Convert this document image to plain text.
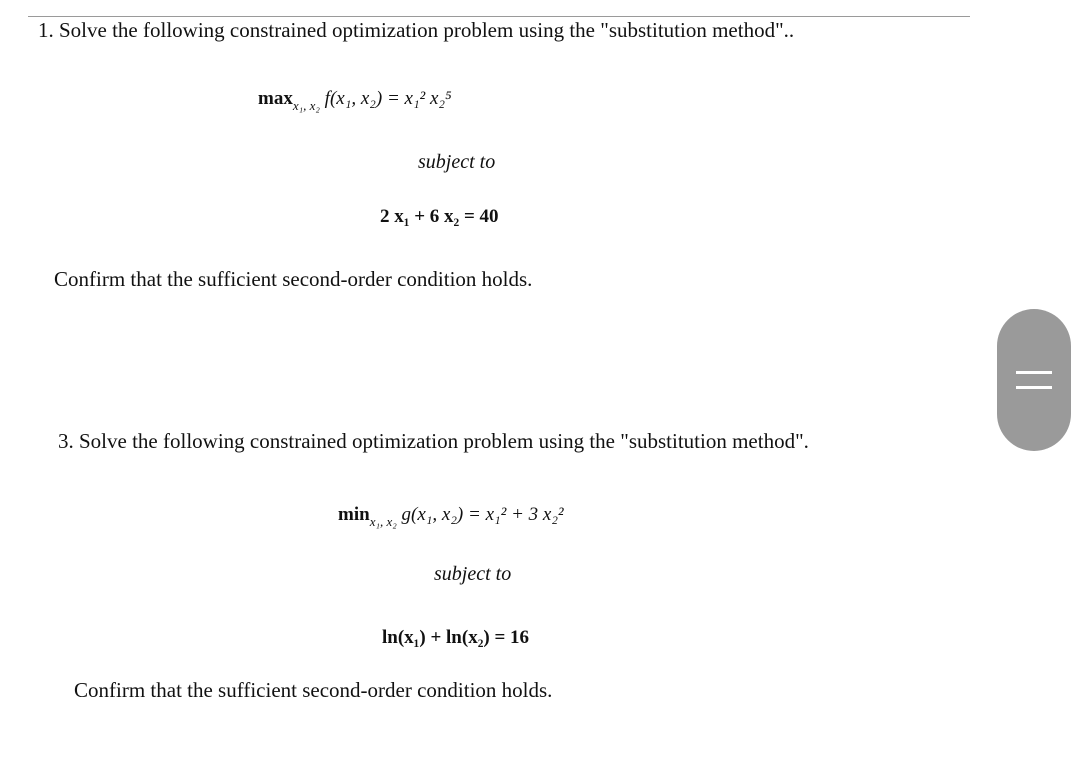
1. Solve the following constrained optimization problem using the "substitution method"..
$\max_{x_1, x_2} f(x_1$, x₂) = x₁² x₂⁵
subject to
2 x₁ + 6 x₂ = 40
Confirm that the sufficient second-order condition holds.
3. Solve the following constrained optimization problem using the "substitution method".
$\min_{x_1, x_2} g(x_1$, x₂) = x₁² + 3 x₂²
subject to
ln(x₁) + ln(x₂) = 16
Confirm that the sufficient second-order condition holds.
